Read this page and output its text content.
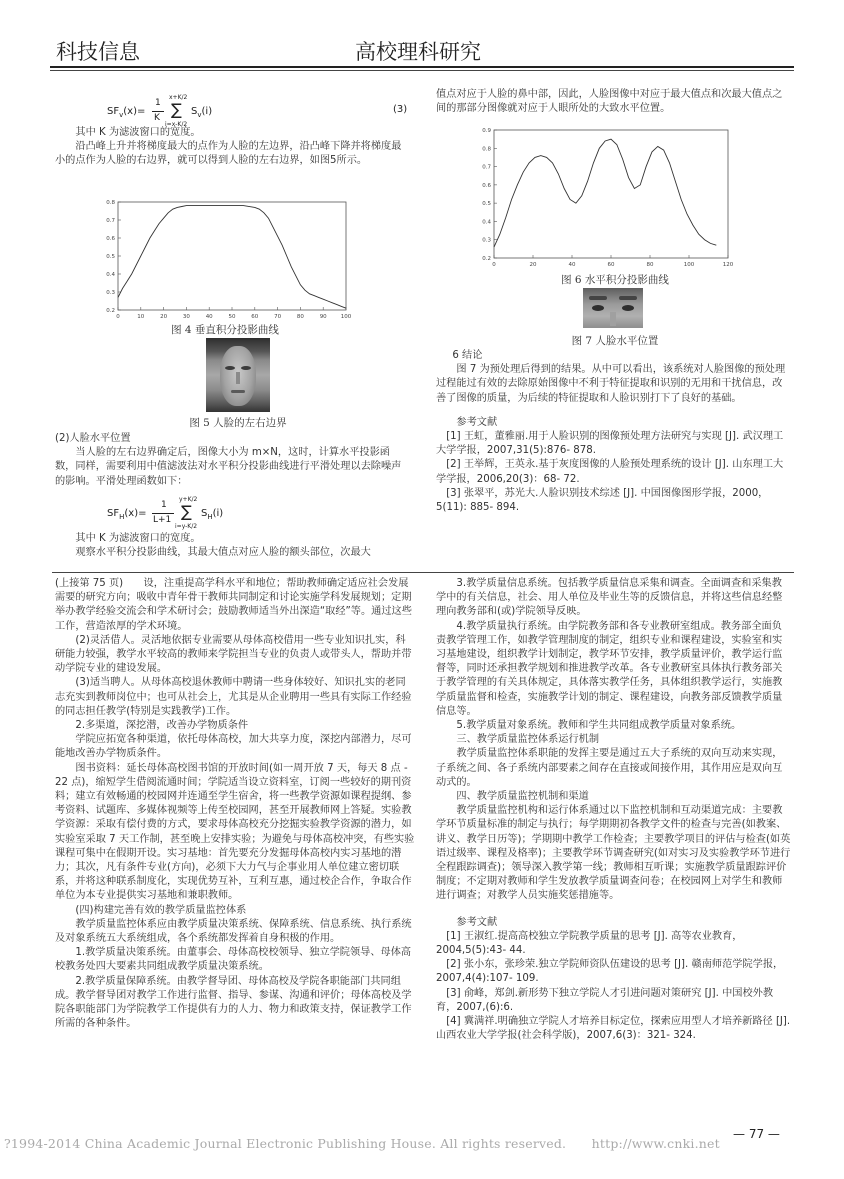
科技信息	高校理科研究
$SF_v(x)=$
1
K
x+K/2
∑
i=x-K/2
$S_v(i)$	(3)

其中 K 为滤波窗口的宽度。

沿凸峰上升并将梯度最大的点作为人脸的左边界，沿凸峰下降并将梯度最小的点作为人脸的右边界，就可以得到人脸的左右边界，如图5所示。

0	10	20	30	40	50	60	70	80	90	100
0.2
0.3
0.4
0.5
0.6
0.7
0.8
图 4 垂直积分投影曲线
图 5 人脸的左右边界

(2)人脸水平位置

当人脸的左右边界确定后，图像大小为 m×N，这时，计算水平投影函数，同样，需要利用中值滤波法对水平积分投影曲线进行平滑处理以去除噪声的影响。平滑处理函数如下：

$SF_H(x)=$
1
L+1
y+K/2
∑
i=y-K/2
$S_H(i)$

其中 K 为滤波窗口的宽度。

观察水平积分投影曲线，其最大值点对应人脸的额头部位，次最大

值点对应于人脸的鼻中部，因此，人脸图像中对应于最大值点和次最大值点之间的那部分图像就对应于人眼所处的大致水平位置。

0	20	40	60	80	100	120
0.2
0.3
0.4
0.5
0.6
0.7
0.8
0.9
图 6 水平积分投影曲线
图 7 人脸水平位置

6 结论

图 7 为预处理后得到的结果。从中可以看出，该系统对人脸图像的预处理过程能过有效的去除原始图像中不利于特征提取和识别的无用和干扰信息，改善了图像的质量，为后续的特征提取和人脸识别打下了良好的基础。

参考文献

[1] 王虹，董雅丽.用于人脸识别的图像预处理方法研究与实现 [J]. 武汉理工大学学报，2007,31(5):876- 878.

[2] 王举辉，王英永.基于灰度图像的人脸预处理系统的设计 [J]. 山东理工大学学报，2006,20(3)：68- 72.

[3] 张翠平，苏光大.人脸识别技术综述 [J]. 中国图像图形学报，2000，5(11): 885- 894.

(上接第 75 页)　　设，注重提高学科水平和地位；帮助教师确定适应社会发展需要的研究方向；吸收中青年骨干教师共同制定和讨论实施学科发展规划；定期举办教学经验交流会和学术研讨会；鼓励教师适当外出深造“取经”等。通过这些工作，营造浓厚的学术环境。

(2)灵活借人。灵活地依据专业需要从母体高校借用一些专业知识扎实，科研能力较强，教学水平较高的教师来学院担当专业的负责人或带头人，帮助并带动学院专业的建设发展。

(3)适当聘人。从母体高校退休教师中聘请一些身体较好、知识扎实的老同志充实到教师岗位中；也可从社会上，尤其是从企业聘用一些具有实际工作经验的同志担任教学(特别是实践教学)工作。

2.多渠道，深挖潜，改善办学物质条件

学院应拓宽各种渠道，依托母体高校，加大共享力度，深挖内部潜力，尽可能地改善办学物质条件。

图书资料：延长母体高校图书馆的开放时间(如一周开放 7 天，每天 8 点 - 22 点)，缩短学生借阅流通时间；学院适当设立资料室，订阅一些较好的期刊资料；建立有效畅通的校园网并连通至学生宿舍，将一些教学资源如课程提纲、参考资料、试题库、多媒体视频等上传至校园网，甚至开展教师网上答疑。实验教学资源：采取有偿付费的方式，要求母体高校充分挖掘实验教学资源的潜力，如实验室采取 7 天工作制，甚至晚上安排实验；为避免与母体高校冲突，有些实验课程可集中在假期开设。实习基地：首先要充分发掘母体高校内实习基地的潜力；其次，凡有条件专业(方向)，必须下大力气与企事业用人单位建立密切联系，并将这种联系制度化，实现优势互补，互利互惠，通过校企合作，争取合作单位为本专业提供实习基地和兼职教师。

(四)构建完善有效的教学质量监控体系

教学质量监控体系应由教学质量决策系统、保障系统、信息系统、执行系统及对象系统五大系统组成，各个系统都发挥着自身积极的作用。

1.教学质量决策系统。由董事会、母体高校校领导、独立学院领导、母体高校教务处四大要素共同组成教学质量决策系统。

2.教学质量保障系统。由教学督导团、母体高校及学院各职能部门共同组成。教学督导团对教学工作进行监督、指导、参谋、沟通和评价；母体高校及学院各职能部门为学院教学工作提供有力的人力、物力和政策支持，保证教学工作所需的各种条件。

3.教学质量信息系统。包括教学质量信息采集和调查。全面调查和采集教学中的有关信息，社会、用人单位及毕业生等的反馈信息，并将这些信息经整理向教务部和(或)学院领导反映。

4.教学质量执行系统。由学院教务部和各专业教研室组成。教务部全面负责教学管理工作，如教学管理制度的制定，组织专业和课程建设，实验室和实习基地建设，组织教学计划制定，教学环节安排，教学质量评价，教学运行监督等，同时还承担教学规划和推进教学改革。各专业教研室具体执行教务部关于教学管理的有关具体规定，具体落实教学任务，具体组织教学运行，实施教学质量监督和检查，实施教学计划的制定、课程建设，向教务部反馈教学质量信息等。

5.教学质量对象系统。教师和学生共同组成教学质量对象系统。

三、教学质量监控体系运行机制

教学质量监控体系职能的发挥主要是通过五大子系统的双向互动来实现，子系统之间、各子系统内部要素之间存在直接或间接作用，其作用应是双向互动式的。

四、教学质量监控机制和渠道

教学质量监控机构和运行体系通过以下监控机制和互动渠道完成：主要教学环节质量标准的制定与执行；每学期期初各教学文件的检查与完善(如教案、讲义、教学日历等)；学期期中教学工作检查；主要教学项目的评估与检查(如英语过级率、课程及格率)；主要教学环节调查研究(如对实习及实验教学环节进行全程跟踪调查)；领导深入教学第一线；教师相互听课；实施教学质量跟踪评价制度；不定期对教师和学生发放教学质量调查问卷；在校园网上对学生和教师进行调查；对教学人员实施奖惩措施等。

参考文献

[1] 王淑红.提高高校独立学院教学质量的思考 [J]. 高等农业教育，2004,5(5):43- 44.

[2] 张小东，张珍荣.独立学院师资队伍建设的思考 [J]. 赣南师范学院学报，2007,4(4):107- 109.

[3] 俞峰，郑剑.新形势下独立学院人才引进问题对策研究 [J]. 中国校外教育，2007,(6):6.

[4] 冀满祥.明确独立学院人才培养目标定位，探索应用型人才培养新路径 [J]. 山西农业大学学报(社会科学版)，2007,6(3)：321- 324.

?1994-2014 China Academic Journal Electronic Publishing House. All rights reserved.　　http://www.cnki.net
— 77 —
